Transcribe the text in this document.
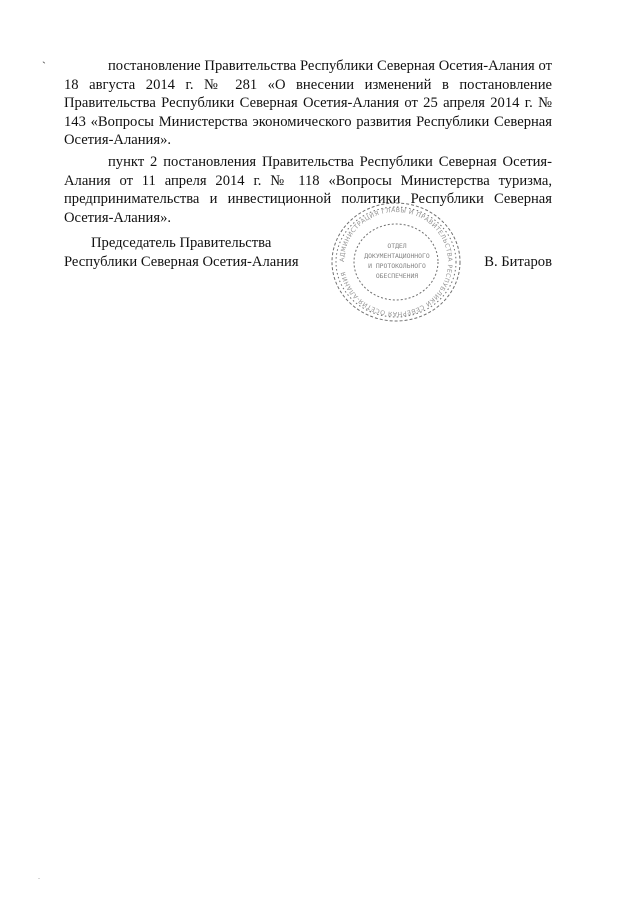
`	постановление Правительства Республики Северная Осетия-Алания от 18 августа 2014 г. № 281 «О внесении изменений в постановление Правительства Республики Северная Осетия-Алания от 25 апреля 2014 г. № 143 «Вопросы Министерства экономического развития Республики Северная Осетия-Алания».

пункт 2 постановления Правительства Республики Северная Осетия-Алания от 11 апреля 2014 г. № 118 «Вопросы Министерства туризма, предпринимательства и инвестиционной политики Республики Северная Осетия-Алания».

Председатель Правительства
Республики Северная Осетия-Алания	В. Битаров
АДМИНИСТРАЦИЯ ГЛАВЫ И ПРАВИТЕЛЬСТВА РЕСПУБЛИКИ СЕВЕРНАЯ ОСЕТИЯ-АЛАНИЯ
ОТДЕЛ
ДОКУМЕНТАЦИОННОГО
И ПРОТОКОЛЬНОГО
ОБЕСПЕЧЕНИЯ
.
